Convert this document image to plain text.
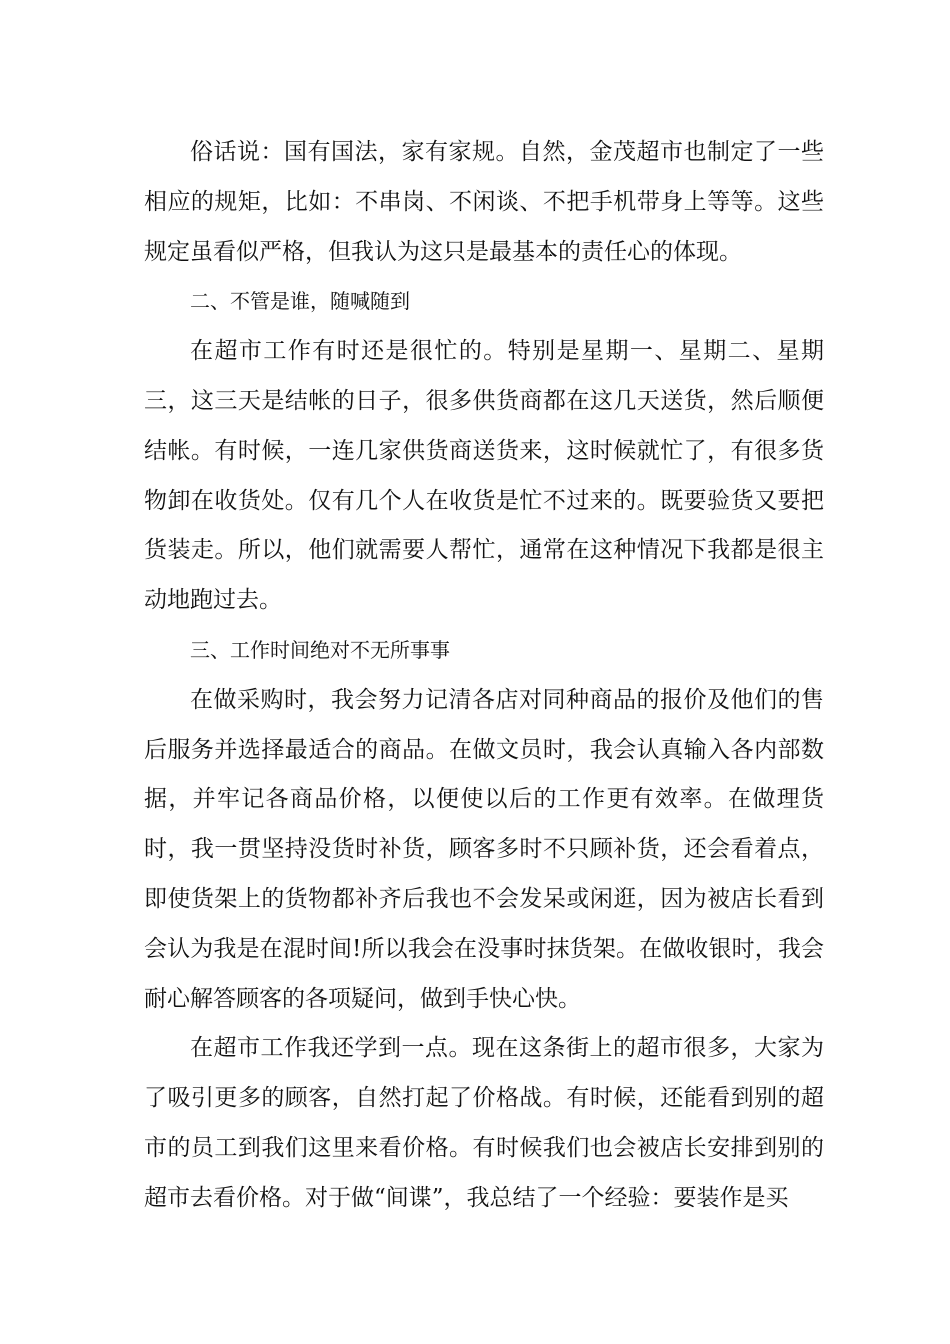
俗话说：国有国法，家有家规。自然，金茂超市也制定了一些相应的规矩，比如：不串岗、不闲谈、不把手机带身上等等。这些规定虽看似严格，但我认为这只是最基本的责任心的体现。

二、不管是谁，随喊随到

在超市工作有时还是很忙的。特别是星期一、星期二、星期三，这三天是结帐的日子，很多供货商都在这几天送货，然后顺便结帐。有时候，一连几家供货商送货来，这时候就忙了，有很多货物卸在收货处。仅有几个人在收货是忙不过来的。既要验货又要把货装走。所以，他们就需要人帮忙，通常在这种情况下我都是很主动地跑过去。

三、工作时间绝对不无所事事

在做采购时，我会努力记清各店对同种商品的报价及他们的售后服务并选择最适合的商品。在做文员时，我会认真输入各内部数据，并牢记各商品价格，以便使以后的工作更有效率。在做理货时，我一贯坚持没货时补货，顾客多时不只顾补货，还会看着点，即使货架上的货物都补齐后我也不会发呆或闲逛，因为被店长看到会认为我是在混时间!所以我会在没事时抹货架。在做收银时，我会耐心解答顾客的各项疑问，做到手快心快。

在超市工作我还学到一点。现在这条街上的超市很多，大家为了吸引更多的顾客，自然打起了价格战。有时候，还能看到别的超市的员工到我们这里来看价格。有时候我们也会被店长安排到别的超市去看价格。对于做“间谍”，我总结了一个经验：要装作是买
